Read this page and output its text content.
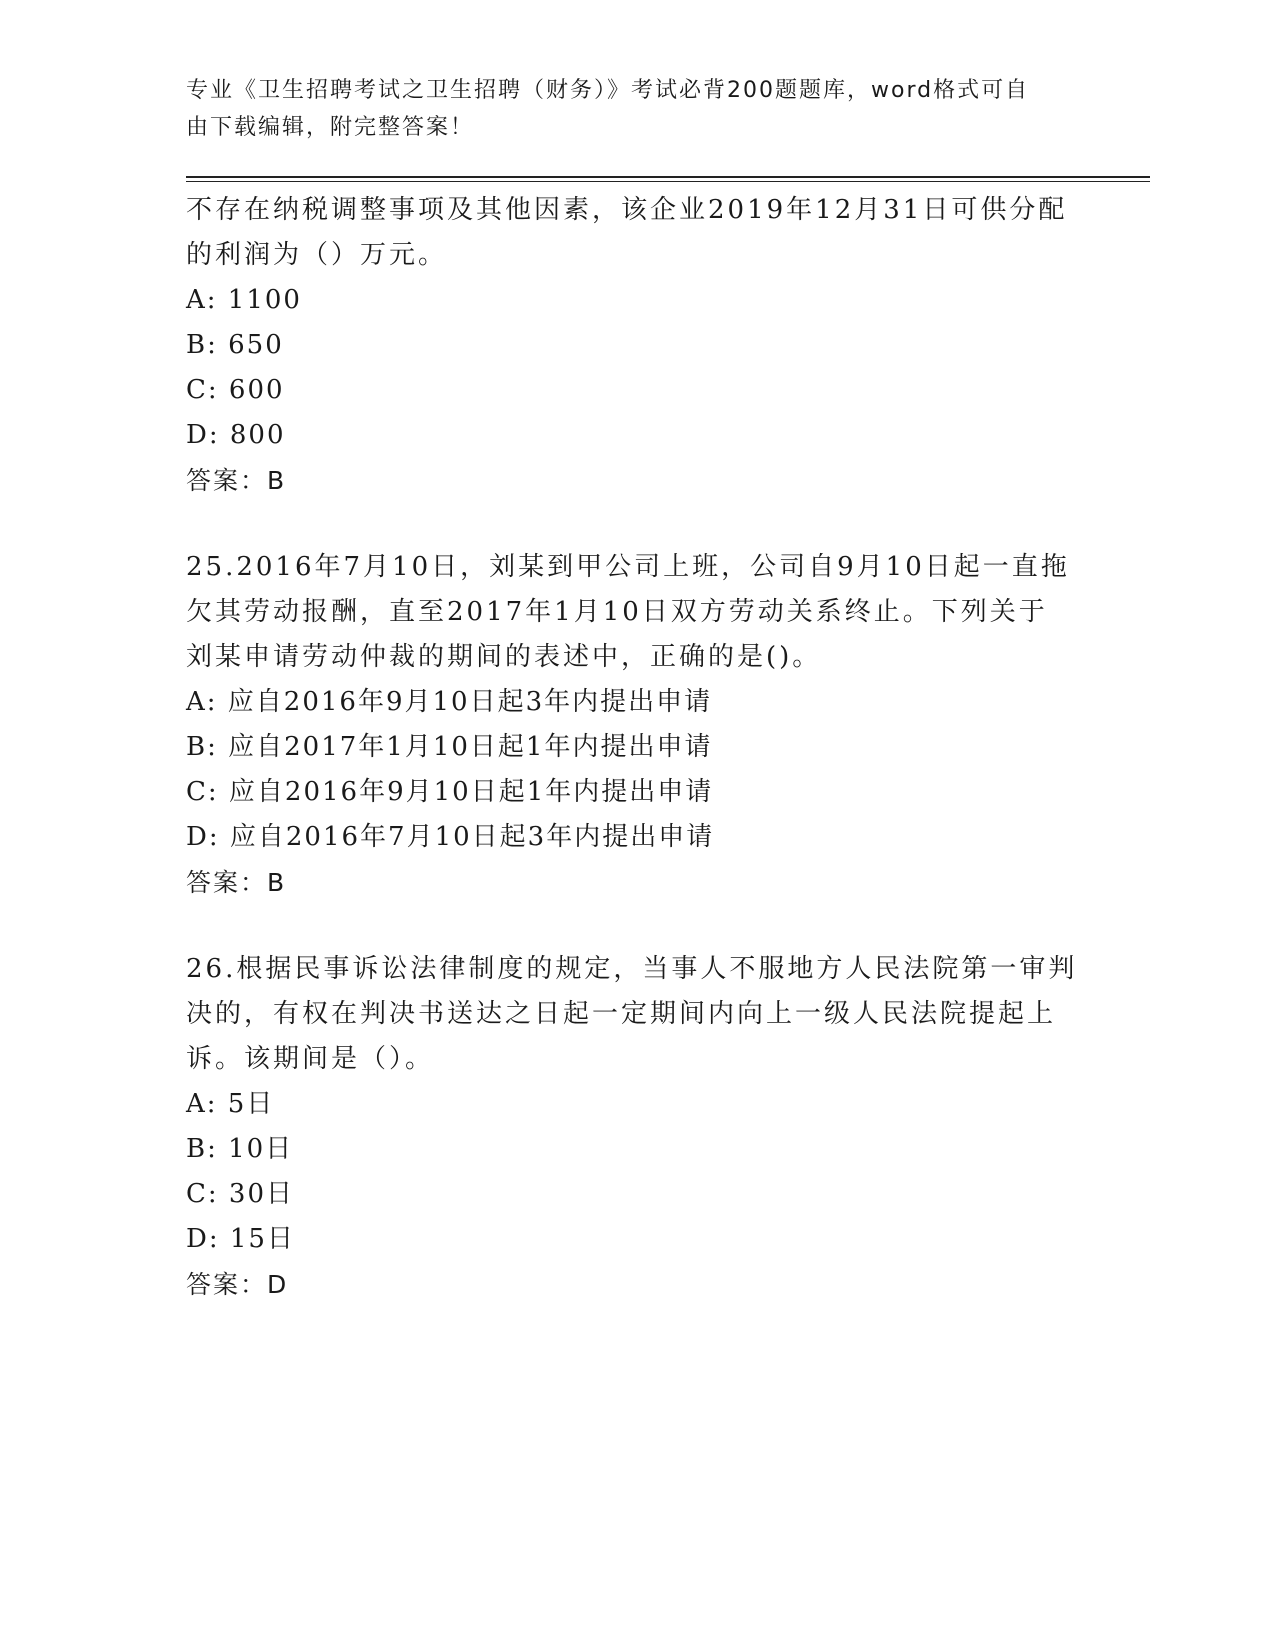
专业《卫生招聘考试之卫生招聘（财务）》考试必背200题题库，word格式可自
由下载编辑，附完整答案！
不存在纳税调整事项及其他因素，该企业2019年12月31日可供分配
的利润为（）万元。
A: 1100
B: 650
C: 600
D: 800
答案：B
25.2016年7月10日，刘某到甲公司上班，公司自9月10日起一直拖
欠其劳动报酬，直至2017年1月10日双方劳动关系终止。下列关于
刘某申请劳动仲裁的期间的表述中，正确的是()。
A: 应自2016年9月10日起3年内提出申请
B: 应自2017年1月10日起1年内提出申请
C: 应自2016年9月10日起1年内提出申请
D: 应自2016年7月10日起3年内提出申请
答案：B
26.根据民事诉讼法律制度的规定，当事人不服地方人民法院第一审判
决的，有权在判决书送达之日起一定期间内向上一级人民法院提起上
诉。该期间是（）。
A: 5日
B: 10日
C: 30日
D: 15日
答案：D
